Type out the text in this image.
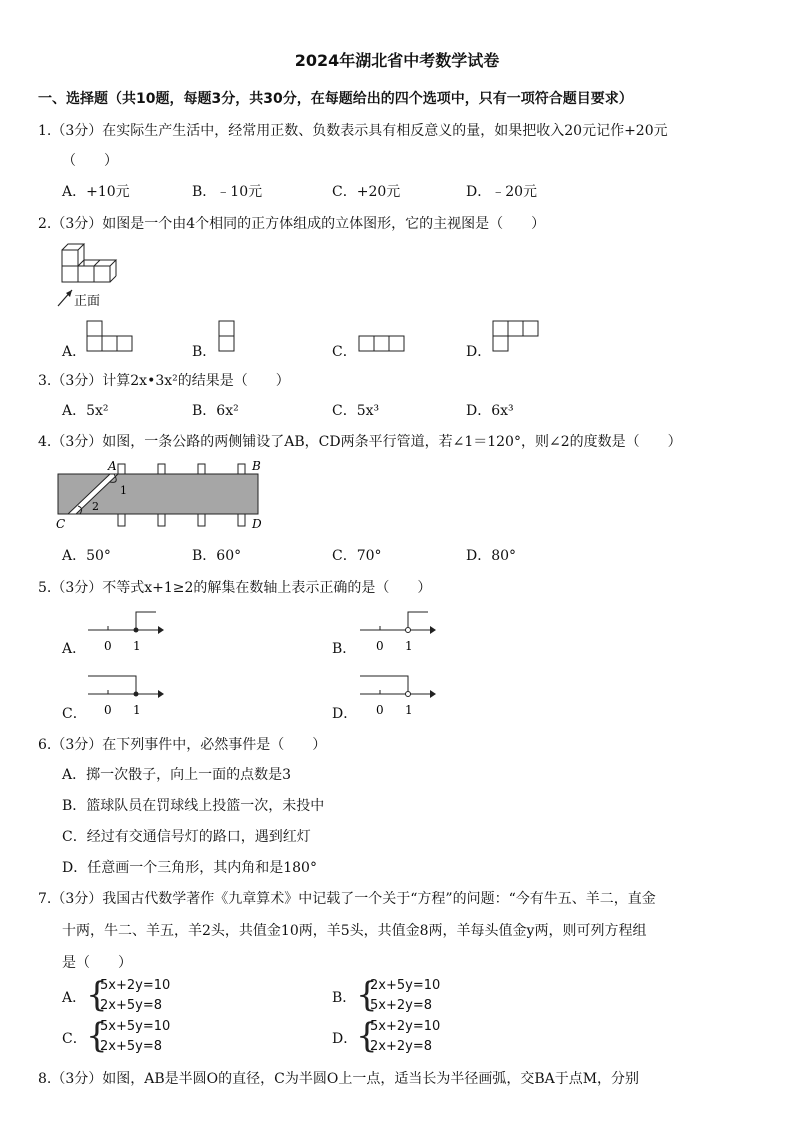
2024年湖北省中考数学试卷
一、选择题（共10题，每题3分，共30分，在每题给出的四个选项中，只有一项符合题目要求）
1.（3分）在实际生产生活中，经常用正数、负数表示具有相反意义的量，如果把收入20元记作+20元
（　　）
A．+10元	B．﹣10元	C．+20元	D．﹣20元
2.（3分）如图是一个由4个相同的正方体组成的立体图形，它的主视图是（　　）
正面
A．	B．	C．	D．
3.（3分）计算2x•3x²的结果是（　　）
A．5x²	B．6x²	C．5x³	D．6x³
4.（3分）如图，一条公路的两侧铺设了AB，CD两条平行管道，若∠1＝120°，则∠2的度数是（　　）
A	B
C	D
1
2
A．50°	B．60°	C．70°	D．80°
5.（3分）不等式x+1≥2的解集在数轴上表示正确的是（　　）
A． 0 1	B． 0 1
C． 0 1	D． 0 1
6.（3分）在下列事件中，必然事件是（　　）
A．掷一次骰子，向上一面的点数是3
B．篮球队员在罚球线上投篮一次，未投中
C．经过有交通信号灯的路口，遇到红灯
D．任意画一个三角形，其内角和是180°
7.（3分）我国古代数学著作《九章算术》中记载了一个关于“方程”的问题：“今有牛五、羊二，直金
十两，牛二、羊五，羊2头，共值金10两，羊5头，共值金8两，羊每头值金y两，则可列方程组
是（　　）
A． {
5x+2y=10
2x+5y=8	B． {
2x+5y=10
5x+2y=8
C． {
5x+5y=10
2x+5y=8	D．
{
5x+2y=10
2x+2y=8
8.（3分）如图，AB是半圆O的直径，C为半圆O上一点，适当长为半径画弧，交BA于点M，分别
